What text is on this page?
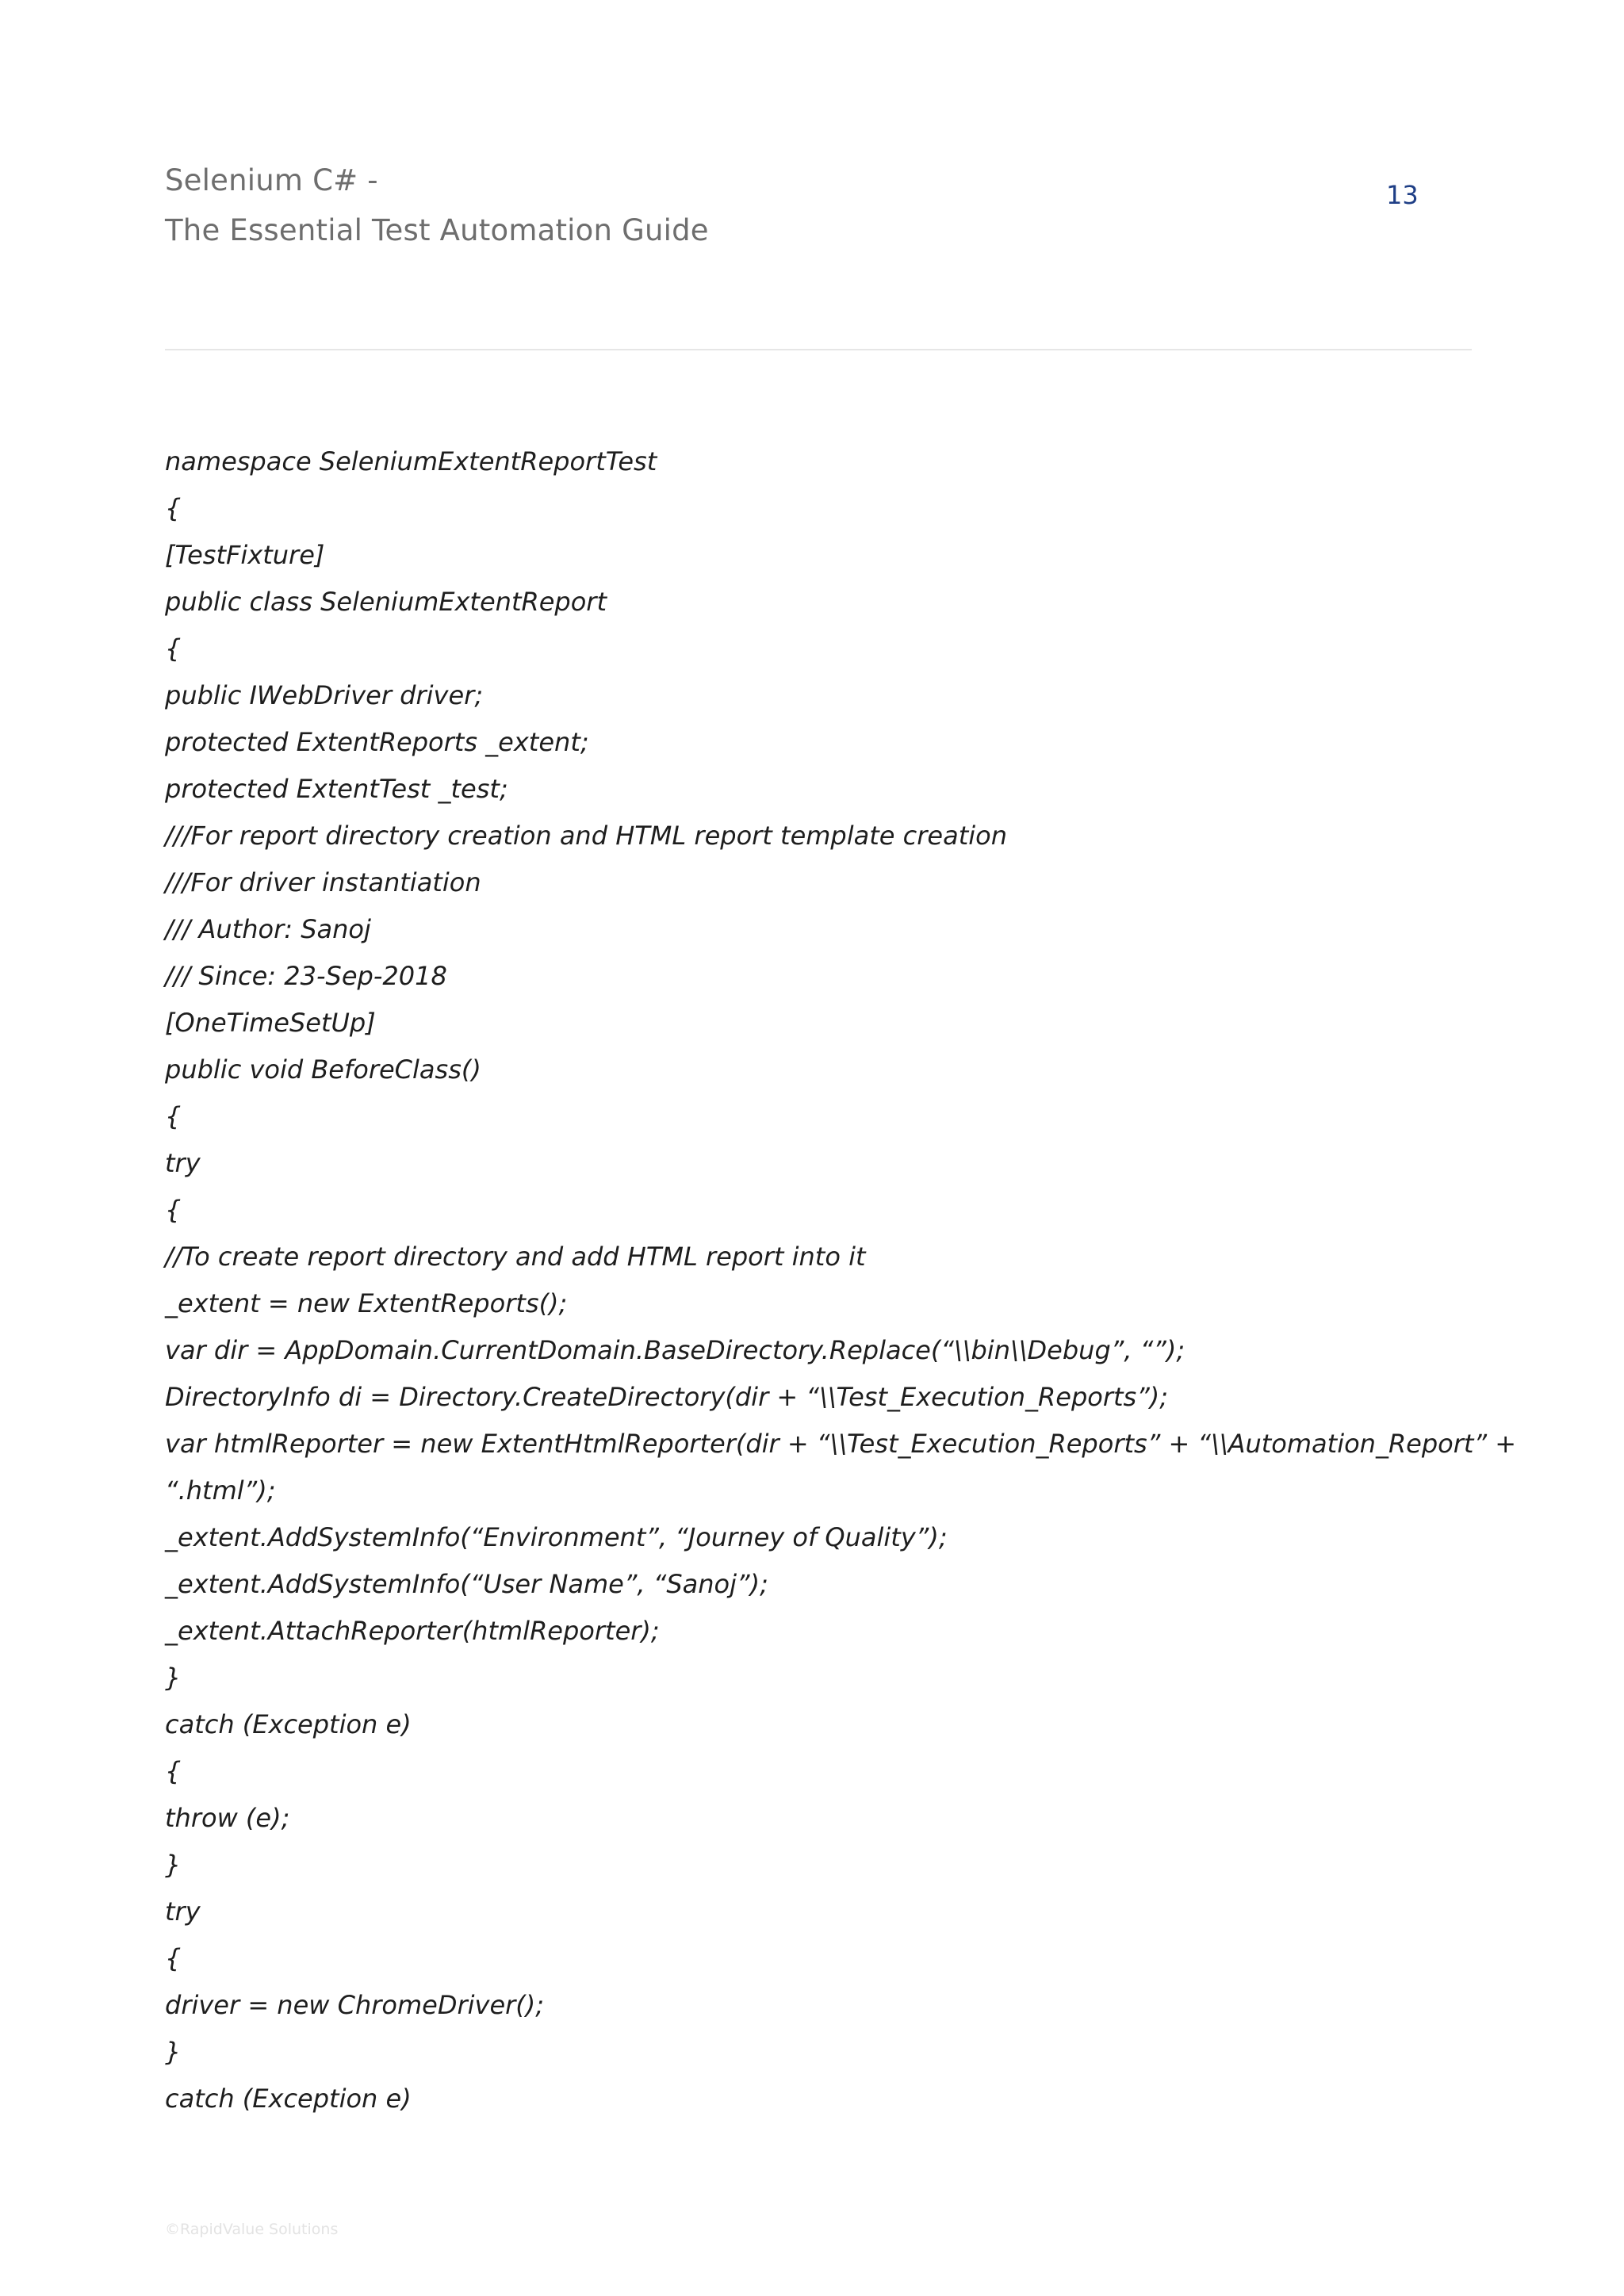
Selenium C# -
The Essential Test Automation Guide
13
namespace SeleniumExtentReportTest
{
[TestFixture]
public class SeleniumExtentReport
{
public IWebDriver driver;
protected ExtentReports _extent;
protected ExtentTest _test;
///For report directory creation and HTML report template creation
///For driver instantiation
/// Author: Sanoj
/// Since: 23-Sep-2018
[OneTimeSetUp]
public void BeforeClass()
{
try
{
//To create report directory and add HTML report into it
_extent = new ExtentReports();
var dir = AppDomain.CurrentDomain.BaseDirectory.Replace(“\\bin\\Debug”, “”);
DirectoryInfo di = Directory.CreateDirectory(dir + “\\Test_Execution_Reports”);
var htmlReporter = new ExtentHtmlReporter(dir + “\\Test_Execution_Reports” + “\\Automation_Report” +
“.html”);
_extent.AddSystemInfo(“Environment”, “Journey of Quality”);
_extent.AddSystemInfo(“User Name”, “Sanoj”);
_extent.AttachReporter(htmlReporter);
}
catch (Exception e)
{
throw (e);
}
try
{
driver = new ChromeDriver();
}
catch (Exception e)
©RapidValue Solutions
